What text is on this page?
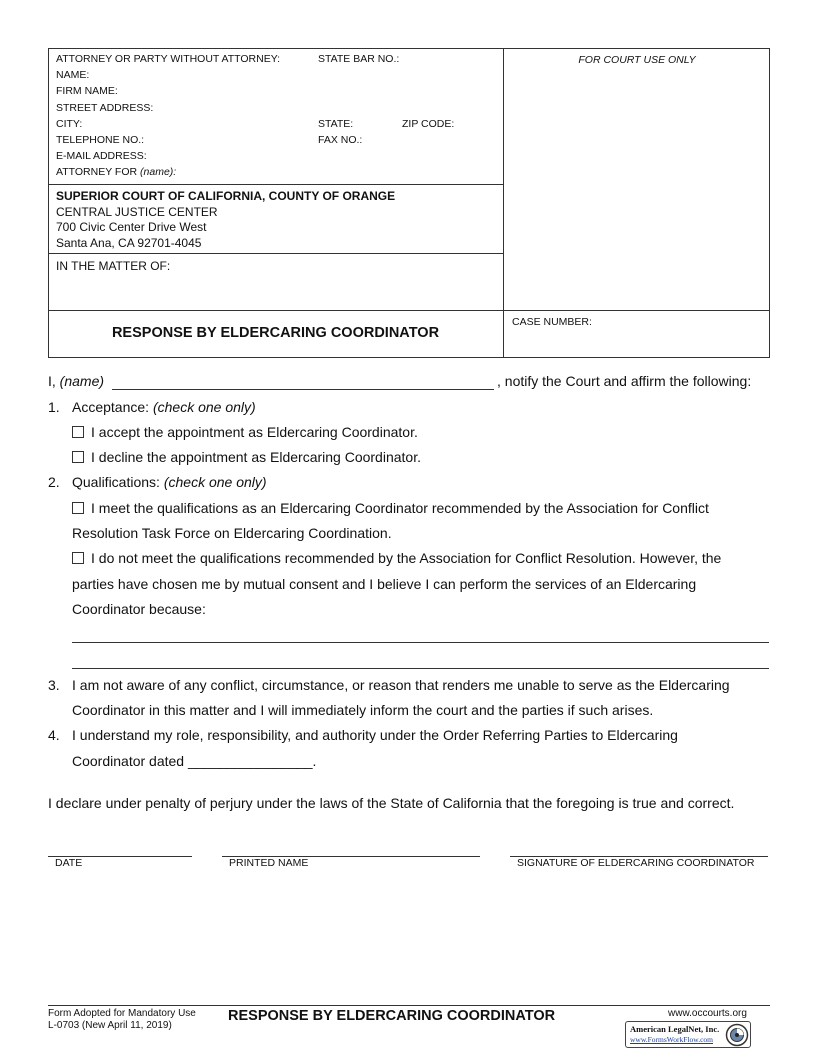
ATTORNEY OR PARTY WITHOUT ATTORNEY:	STATE BAR NO.:
NAME:
FIRM NAME:
STREET ADDRESS:
CITY:	STATE:	ZIP CODE:
TELEPHONE NO.:	FAX NO.:
E-MAIL ADDRESS:
ATTORNEY FOR (name):
FOR COURT USE ONLY
SUPERIOR COURT OF CALIFORNIA, COUNTY OF ORANGE
CENTRAL JUSTICE CENTER
700 Civic Center Drive West
Santa Ana, CA 92701-4045
IN THE MATTER OF:
RESPONSE BY ELDERCARING COORDINATOR
CASE NUMBER:
I, (name)	, notify the Court and affirm the following:
1. Acceptance: (check one only)
I accept the appointment as Eldercaring Coordinator.
I decline the appointment as Eldercaring Coordinator.
2. Qualifications: (check one only)
I meet the qualifications as an Eldercaring Coordinator recommended by the Association for Conflict
Resolution Task Force on Eldercaring Coordination.
I do not meet the qualifications recommended by the Association for Conflict Resolution. However, the
parties have chosen me by mutual consent and I believe I can perform the services of an Eldercaring
Coordinator because:
3. I am not aware of any conflict, circumstance, or reason that renders me unable to serve as the Eldercaring
Coordinator in this matter and I will immediately inform the court and the parties if such arises.
4. I understand my role, responsibility, and authority under the Order Referring Parties to Eldercaring
Coordinator dated ________________.
I declare under penalty of perjury under the laws of the State of California that the foregoing is true and correct.
DATE	PRINTED NAME	SIGNATURE OF ELDERCARING COORDINATOR
Form Adopted for Mandatory Use
L-0703 (New April 11, 2019)
RESPONSE BY ELDERCARING COORDINATOR	www.occourts.org
American LegalNet, Inc.
www.FormsWorkFlow.com
